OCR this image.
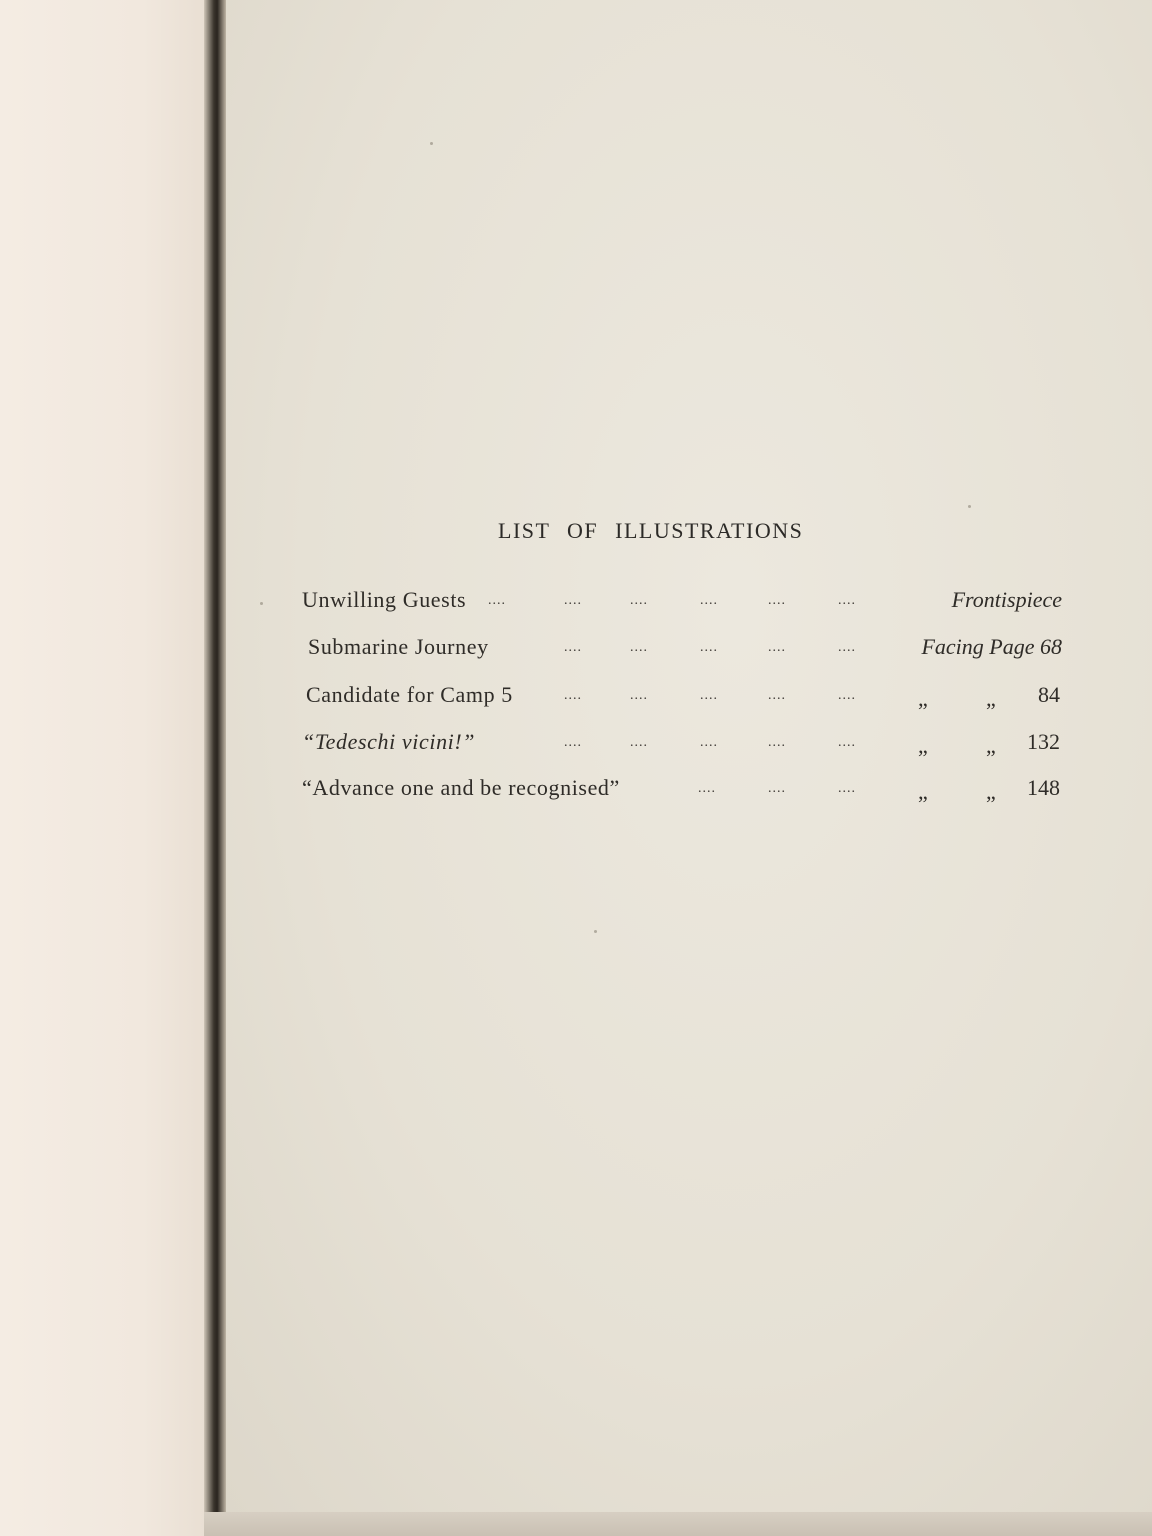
LIST OF ILLUSTRATIONS
Unwilling Guests ....	....	....	....	....	....	Frontispiece
Submarine Journey	....	....	....	....	....	Facing Page 68
Candidate for Camp 5	....	....	....	....	....	„	„ 84
“Tedeschi vicini!”	....	....	....	....	....	„	„ 132
“Advance one and be recognised”	....	....	....	„	„ 148
